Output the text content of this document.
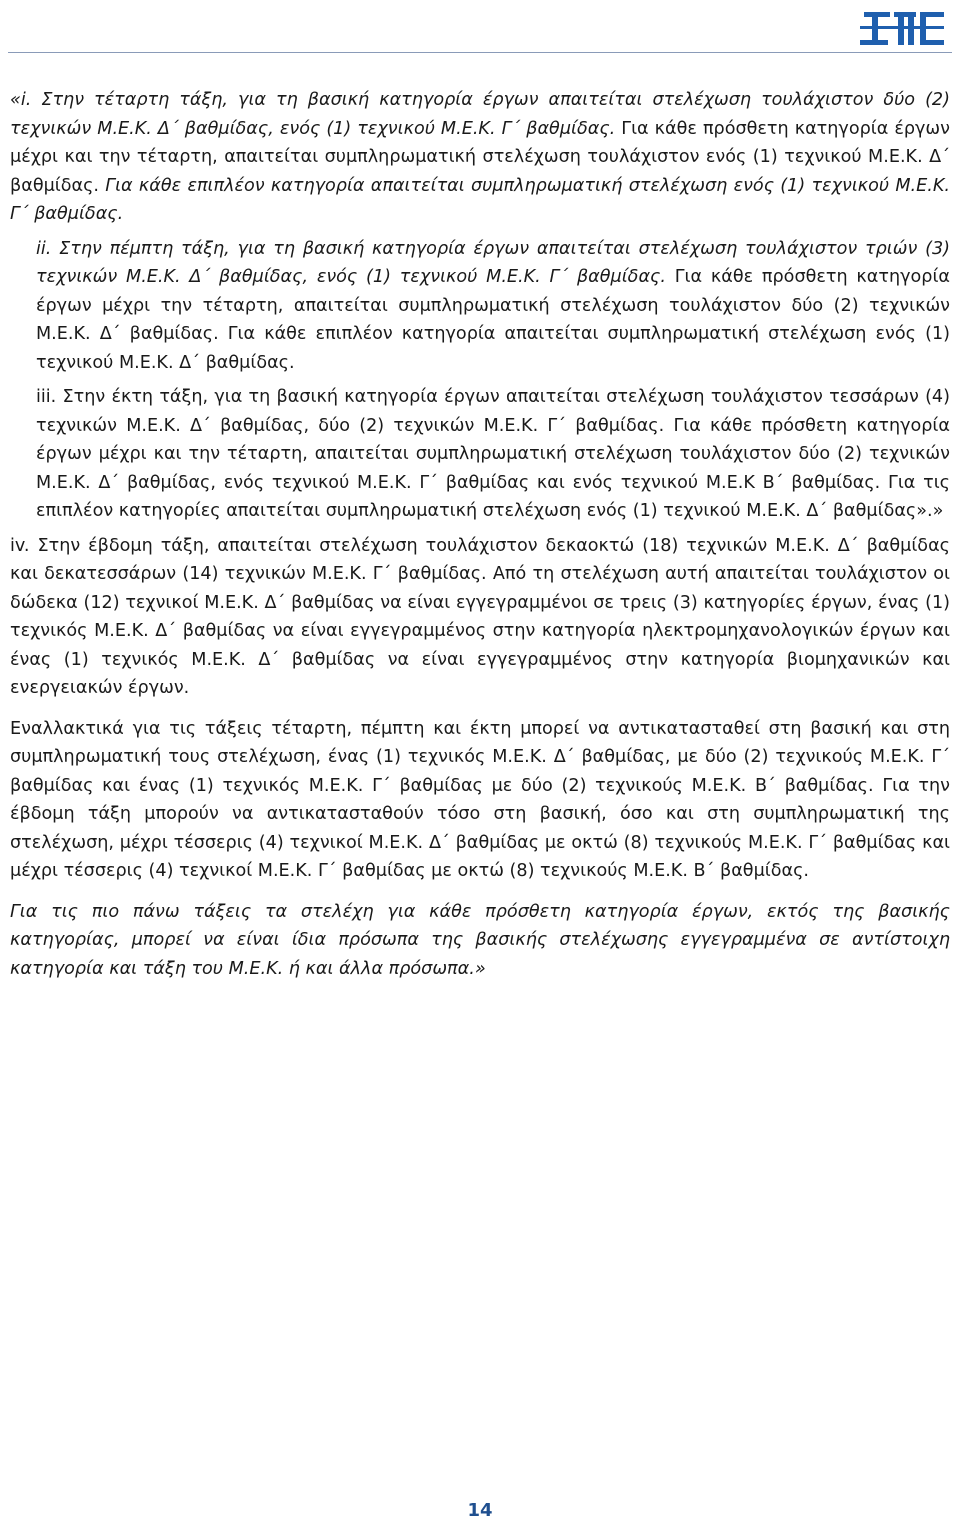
«i. Στην τέταρτη τάξη, για τη βασική κατηγορία έργων απαιτείται στελέχωση τουλάχιστον δύο (2) τεχνικών Μ.Ε.Κ. Δ΄ βαθμίδας, ενός (1) τεχνικού Μ.Ε.Κ. Γ΄ βαθμίδας. Για κάθε πρόσθετη κατηγορία έργων μέχρι και την τέταρτη, απαιτείται συμπληρωματική στελέχωση τουλάχιστον ενός (1) τεχνικού Μ.Ε.Κ. Δ΄ βαθμίδας. Για κάθε επιπλέον κατηγορία απαιτείται συμπληρωματική στελέχωση ενός (1) τεχνικού Μ.Ε.Κ. Γ΄ βαθμίδας.

ii. Στην πέμπτη τάξη, για τη βασική κατηγορία έργων απαιτείται στελέχωση τουλάχιστον τριών (3) τεχνικών Μ.Ε.Κ. Δ΄ βαθμίδας, ενός (1) τεχνικού Μ.Ε.Κ. Γ΄ βαθμίδας. Για κάθε πρόσθετη κατηγορία έργων μέχρι την τέταρτη, απαιτείται συμπληρωματική στελέχωση τουλάχιστον δύο (2) τεχνικών Μ.Ε.Κ. Δ΄ βαθμίδας. Για κάθε επιπλέον κατηγορία απαιτείται συμπληρωματική στελέχωση ενός (1) τεχνικού Μ.Ε.Κ. Δ΄ βαθμίδας.

iii. Στην έκτη τάξη, για τη βασική κατηγορία έργων απαιτείται στελέχωση τουλάχιστον τεσσάρων (4) τεχνικών Μ.Ε.Κ. Δ΄ βαθμίδας, δύο (2) τεχνικών Μ.Ε.Κ. Γ΄ βαθμίδας. Για κάθε πρόσθετη κατηγορία έργων μέχρι και την τέταρτη, απαιτείται συμπληρωματική στελέχωση τουλάχιστον δύο (2) τεχνικών Μ.Ε.Κ. Δ΄ βαθμίδας, ενός τεχνικού Μ.Ε.Κ. Γ΄ βαθμίδας και ενός τεχνικού Μ.Ε.Κ Β΄ βαθμίδας. Για τις επιπλέον κατηγορίες απαιτείται συμπληρωματική στελέχωση ενός (1) τεχνικού Μ.Ε.Κ. Δ΄ βαθμίδας».»

iv. Στην έβδομη τάξη, απαιτείται στελέχωση τουλάχιστον δεκαοκτώ (18) τεχνικών Μ.Ε.Κ. Δ΄ βαθμίδας και δεκατεσσάρων (14) τεχνικών Μ.Ε.Κ. Γ΄ βαθμίδας. Από τη στελέχωση αυτή απαιτείται τουλάχιστον οι δώδεκα (12) τεχνικοί Μ.Ε.Κ. Δ΄ βαθμίδας να είναι εγγεγραμμένοι σε τρεις (3) κατηγορίες έργων, ένας (1) τεχνικός Μ.Ε.Κ. Δ΄ βαθμίδας να είναι εγγεγραμμένος στην κατηγορία ηλεκτρομηχανολογικών έργων και ένας (1) τεχνικός Μ.Ε.Κ. Δ΄ βαθμίδας να είναι εγγεγραμμένος στην κατηγορία βιομηχανικών και ενεργειακών έργων.

Εναλλακτικά για τις τάξεις τέταρτη, πέμπτη και έκτη μπορεί να αντικατασταθεί στη βασική και στη συμπληρωματική τους στελέχωση, ένας (1) τεχνικός Μ.Ε.Κ. Δ΄ βαθμίδας, με δύο (2) τεχνικούς Μ.Ε.Κ. Γ΄ βαθμίδας και ένας (1) τεχνικός Μ.Ε.Κ. Γ΄ βαθμίδας με δύο (2) τεχνικούς Μ.Ε.Κ. Β΄ βαθμίδας. Για την έβδομη τάξη μπορούν να αντικατασταθούν τόσο στη βασική, όσο και στη συμπληρωματική της στελέχωση, μέχρι τέσσερις (4) τεχνικοί Μ.Ε.Κ. Δ΄ βαθμίδας με οκτώ (8) τεχνικούς Μ.Ε.Κ. Γ΄ βαθμίδας και μέχρι τέσσερις (4) τεχνικοί Μ.Ε.Κ. Γ΄ βαθμίδας με οκτώ (8) τεχνικούς Μ.Ε.Κ. Β΄ βαθμίδας.

Για τις πιο πάνω τάξεις τα στελέχη για κάθε πρόσθετη κατηγορία έργων, εκτός της βασικής κατηγορίας, μπορεί να είναι ίδια πρόσωπα της βασικής στελέχωσης εγγεγραμμένα σε αντίστοιχη κατηγορία και τάξη του Μ.Ε.Κ. ή και άλλα πρόσωπα.»

14
